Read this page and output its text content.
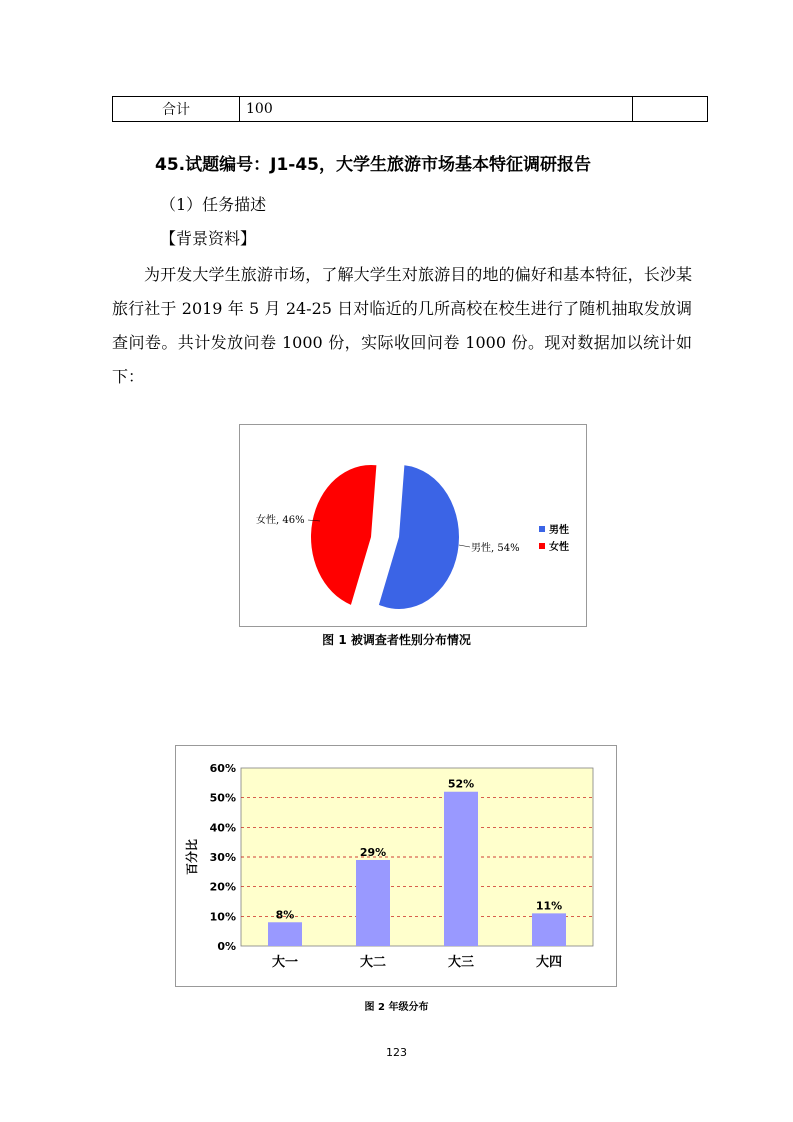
合计	100	
45.试题编号：J1-45，大学生旅游市场基本特征调研报告
（1）任务描述
【背景资料】
为开发大学生旅游市场，了解大学生对旅游目的地的偏好和基本特征，长沙某旅行社于 2019 年 5 月 24-25 日对临近的几所高校在校生进行了随机抽取发放调查问卷。共计发放问卷 1000 份，实际收回问卷 1000 份。现对数据加以统计如下：
男性, 54%
女性, 46%
男性
女性
图 1 被调查者性别分布情况
0%
10%
20%
30%
40%
50%
60%
8%
29%
52%
11%
大一	大二	大三	大四
百分比
图 2 年级分布
123
